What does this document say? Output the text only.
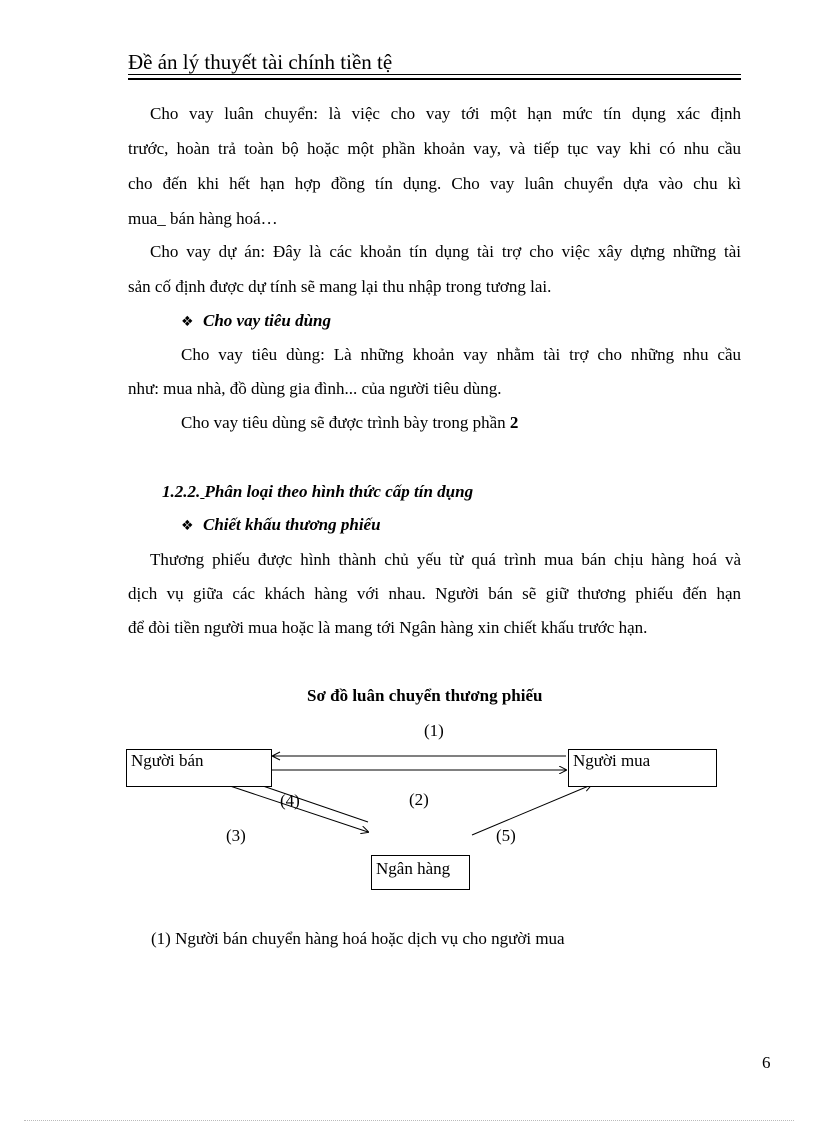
Đề án lý thuyết tài chính tiền tệ
Cho vay luân chuyển: là việc cho vay tới một hạn mức tín dụng xác định
trước, hoàn trả toàn bộ hoặc một phần khoản vay, và tiếp tục vay khi có nhu cầu
cho đến khi hết hạn hợp đồng tín dụng. Cho vay luân chuyển dựa vào chu kì
mua_ bán hàng hoá…
Cho vay dự án: Đây là các khoản tín dụng tài trợ cho việc xây dựng những tài
sản cố định được dự tính sẽ mang lại thu nhập trong tương lai.
❖ Cho vay tiêu dùng
Cho vay tiêu dùng: Là những khoản vay nhằm tài trợ cho những nhu cầu
như: mua nhà, đồ dùng gia đình... của người tiêu dùng.
Cho vay tiêu dùng sẽ được trình bày trong phần 2
1.2.2. Phân loại theo hình thức cấp tín dụng
❖ Chiết khấu thương phiếu
Thương phiếu được hình thành chủ yếu từ quá trình mua bán chịu hàng hoá và
dịch vụ giữa các khách hàng với nhau. Người bán sẽ giữ thương phiếu đến hạn
để đòi tiền người mua hoặc là mang tới Ngân hàng xin chiết khấu trước hạn.
Sơ đồ luân chuyển thương phiếu
Người bán	Người mua
Ngân hàng
(1)
(2)
(3)
(4)
(5)
(1) Người bán chuyển hàng hoá hoặc dịch vụ cho người mua
6
